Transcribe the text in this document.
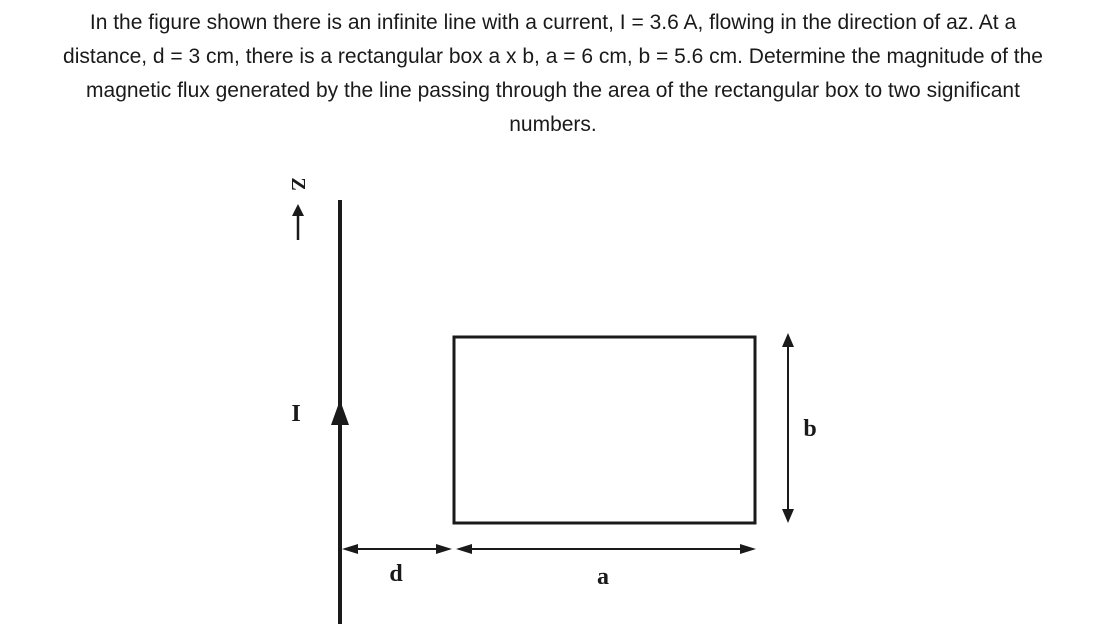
In the figure shown there is an infinite line with a current, I = 3.6 A, flowing in the direction of az. At a
distance, d = 3 cm, there is a rectangular box a x b, a = 6 cm, b = 5.6 cm. Determine the magnitude of the
magnetic flux generated by the line passing through the area of the rectangular box to two significant
numbers.
Z
I
b
d	a
